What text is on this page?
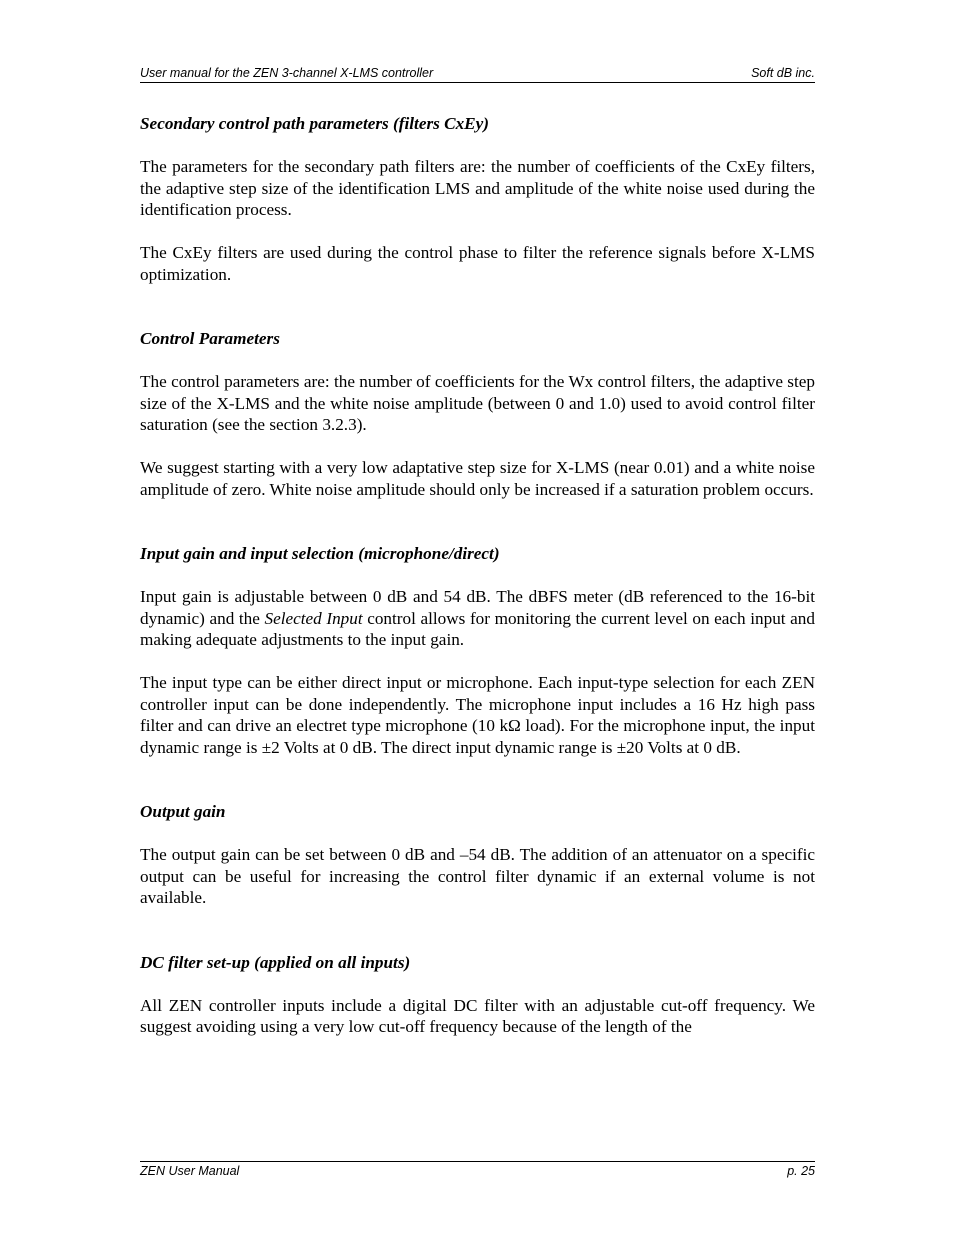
User manual for the ZEN 3-channel X-LMS controller	Soft dB inc.
Secondary control path parameters (filters CxEy)

The parameters for the secondary path filters are: the number of coefficients of the CxEy filters, the adaptive step size of the identification LMS and amplitude of the white noise used during the identification process.

The CxEy filters are used during the control phase to filter the reference signals before X-LMS optimization.

Control Parameters

The control parameters are: the number of coefficients for the Wx control filters, the adaptive step size of the X-LMS and the white noise amplitude (between 0 and 1.0) used to avoid control filter saturation (see the section 3.2.3).

We suggest starting with a very low adaptative step size for X-LMS (near 0.01) and a white noise amplitude of zero. White noise amplitude should only be increased if a saturation problem occurs.

Input gain and input selection (microphone/direct)

Input gain is adjustable between 0 dB and 54 dB. The dBFS meter (dB referenced to the 16-bit dynamic) and the Selected Input control allows for monitoring the current level on each input and making adequate adjustments to the input gain.

The input type can be either direct input or microphone. Each input-type selection for each ZEN controller input can be done independently. The microphone input includes a 16 Hz high pass filter and can drive an electret type microphone (10 kΩ load). For the microphone input, the input dynamic range is ±2 Volts at 0 dB. The direct input dynamic range is ±20 Volts at 0 dB.

Output gain

The output gain can be set between 0 dB and –54 dB. The addition of an attenuator on a specific output can be useful for increasing the control filter dynamic if an external volume is not available.

DC filter set-up (applied on all inputs)

All ZEN controller inputs include a digital DC filter with an adjustable cut-off frequency. We suggest avoiding using a very low cut-off frequency because of the length of the

ZEN User Manual	p. 25
